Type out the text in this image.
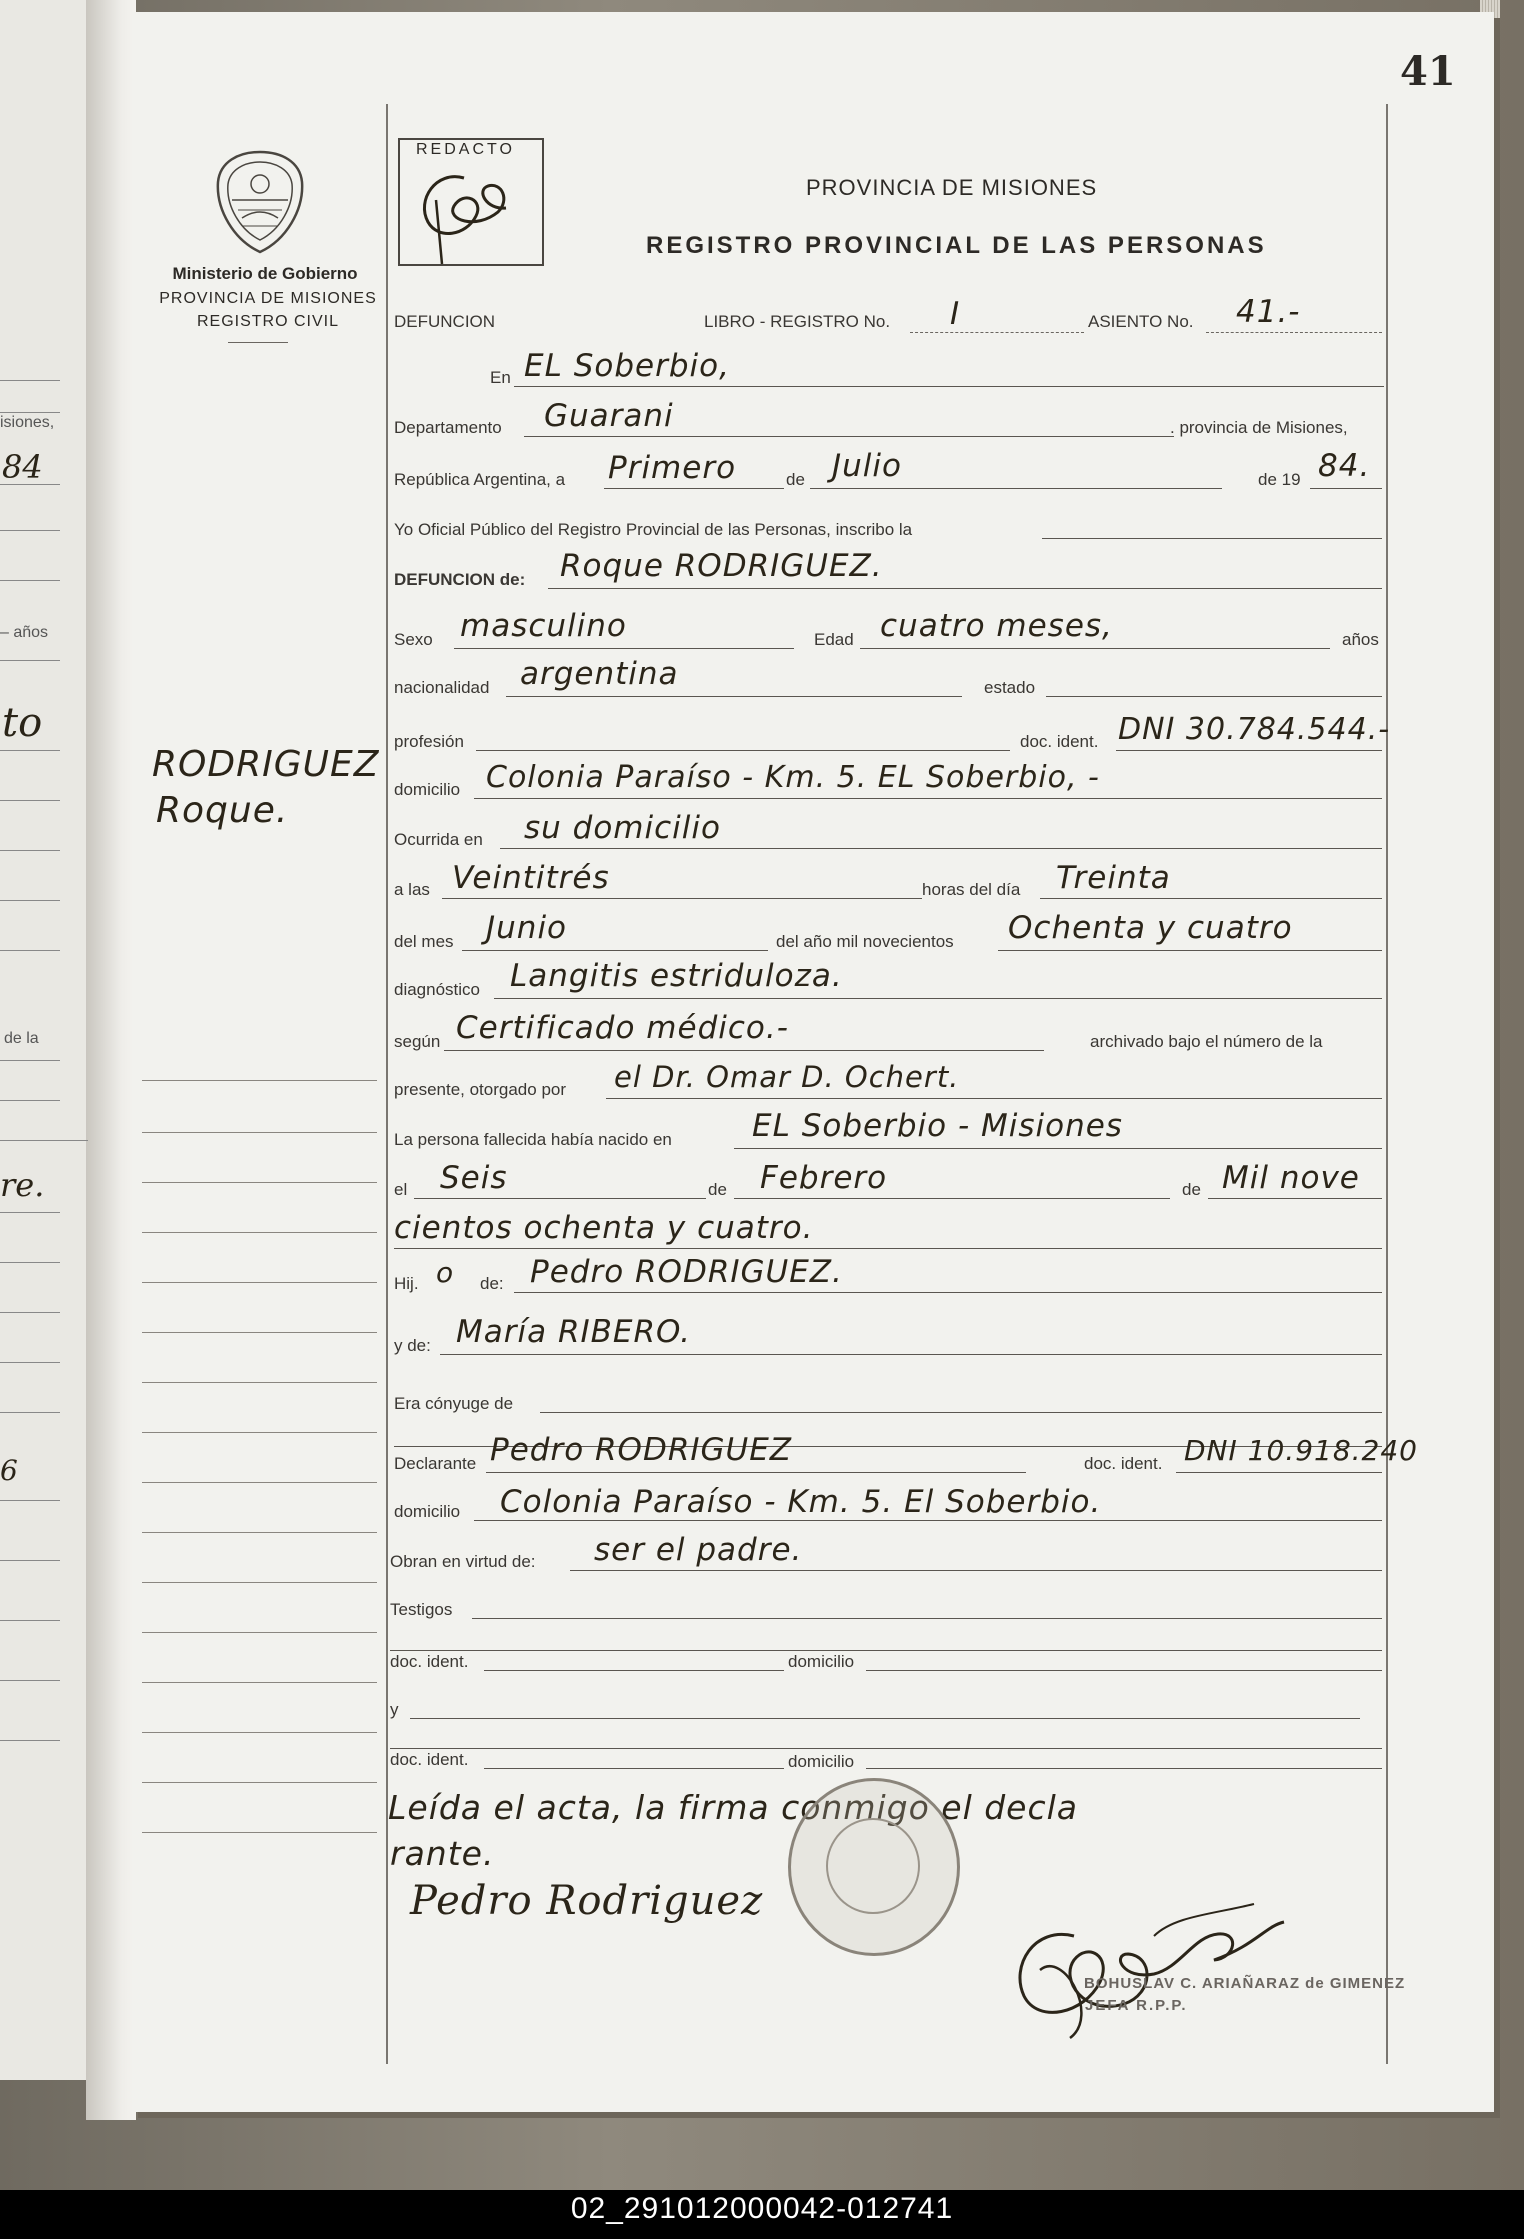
isiones,
84
– años
to
de la
re.
6
41
Ministerio de Gobierno
PROVINCIA DE MISIONES
REGISTRO CIVIL
REDACTO
PROVINCIA DE MISIONES
REGISTRO PROVINCIAL DE LAS PERSONAS
RODRIGUEZ
Roque.
DEFUNCION	LIBRO - REGISTRO No. I	ASIENTO No. 41.-
En EL Soberbio,
Departamento Guarani	. provincia de Misiones,
República Argentina, a Primero	de Julio	de 19 84.
Yo Oficial Público del Registro Provincial de las Personas, inscribo la
DEFUNCION de: Roque RODRIGUEZ.
Sexo masculino	Edad cuatro meses,	años
nacionalidad argentina	estado
profesión	doc. ident. DNI 30.784.544.-
domicilio Colonia Paraíso - Km. 5. EL Soberbio, -
Ocurrida en su domicilio
a las Veintitrés	horas del día Treinta
del mes Junio	del año mil novecientos Ochenta y cuatro
diagnóstico Langitis estriduloza.
según Certificado médico.-	archivado bajo el número de la
presente, otorgado por el Dr. Omar D. Ochert.
La persona fallecida había nacido en	EL Soberbio - Misiones
el Seis	de Febrero	de Mil nove
cientos ochenta y cuatro.
Hij. o de: Pedro RODRIGUEZ.
y de: María RIBERO.
Era cónyuge de
Declarante Pedro RODRIGUEZ	doc. ident. DNI 10.918.240
domicilio Colonia Paraíso - Km. 5. El Soberbio.
Obran en virtud de: ser el padre.
Testigos
doc. ident.	domicilio
y
doc. ident.	domicilio
Leída el acta, la firma conmigo el decla
rante.
Pedro Rodriguez
BOHUSLAV C. ARIAÑARAZ de GIMENEZ
JEFA R.P.P.
02_291012000042-012741
